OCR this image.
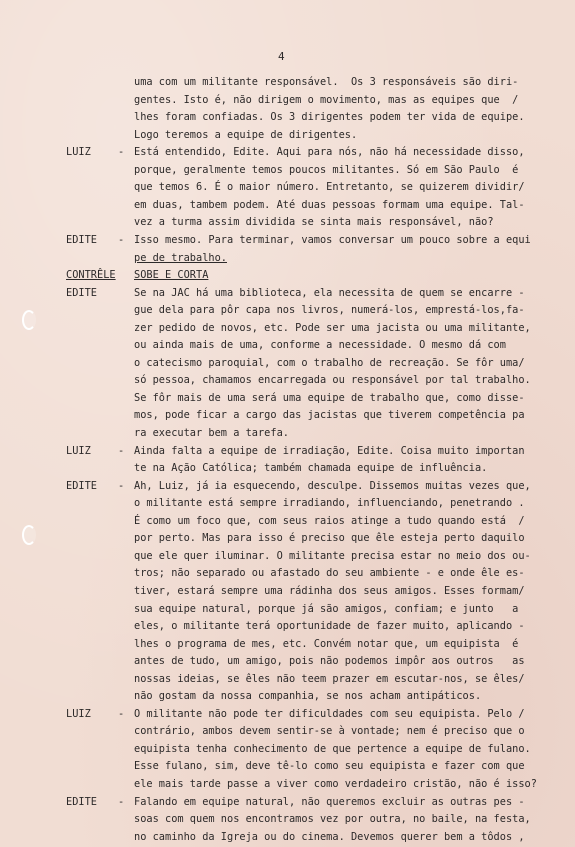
4
uma com um militante responsável.  Os 3 responsáveis são diri-
gentes. Isto é, não dirigem o movimento, mas as equipes que  /
lhes foram confiadas. Os 3 dirigentes podem ter vida de equipe.
Logo teremos a equipe de dirigentes.
LUIZ	- Está entendido, Edite. Aqui para nós, não há necessidade disso,
porque, geralmente temos poucos militantes. Só em São Paulo  é
que temos 6. É o maior número. Entretanto, se quizerem dividir/
em duas, tambem podem. Até duas pessoas formam uma equipe. Tal-
vez a turma assim dividida se sinta mais responsável, não?
EDITE - Isso mesmo. Para terminar, vamos conversar um pouco sobre a equi
pe de trabalho.
CONTRÊLE SOBE E CORTA
EDITE	Se na JAC há uma biblioteca, ela necessita de quem se encarre -
gue dela para pôr capa nos livros, numerá-los, emprestá-los,fa-
zer pedido de novos, etc. Pode ser uma jacista ou uma militante,
ou ainda mais de uma, conforme a necessidade. O mesmo dá com
o catecismo paroquial, com o trabalho de recreação. Se fôr uma/
só pessoa, chamamos encarregada ou responsável por tal trabalho.
Se fôr mais de uma será uma equipe de trabalho que, como disse-
mos, pode ficar a cargo das jacistas que tiverem competência pa
ra executar bem a tarefa.
LUIZ	- Ainda falta a equipe de irradiação, Edite. Coisa muito importan
te na Ação Católica; também chamada equipe de influência.
EDITE - Ah, Luiz, já ia esquecendo, desculpe. Dissemos muitas vezes que,
o militante está sempre irradiando, influenciando, penetrando .
É como um foco que, com seus raios atinge a tudo quando está  /
por perto. Mas para isso é preciso que êle esteja perto daquilo
que ele quer iluminar. O militante precisa estar no meio dos ou-
tros; não separado ou afastado do seu ambiente - e onde êle es-
tiver, estará sempre uma rádinha dos seus amigos. Esses formam/
sua equipe natural, porque já são amigos, confiam; e junto   a
eles, o militante terá oportunidade de fazer muito, aplicando -
lhes o programa de mes, etc. Convém notar que, um equipista  é
antes de tudo, um amigo, pois não podemos impôr aos outros   as
nossas ideias, se êles não teem prazer em escutar-nos, se êles/
não gostam da nossa companhia, se nos acham antipáticos.
LUIZ	- O militante não pode ter dificuldades com seu equipista. Pelo /
contrário, ambos devem sentir-se à vontade; nem é preciso que o
equipista tenha conhecimento de que pertence a equipe de fulano.
Esse fulano, sim, deve tê-lo como seu equipista e fazer com que
ele mais tarde passe a viver como verdadeiro cristão, não é isso?
EDITE - Falando em equipe natural, não queremos excluir as outras pes -
soas com quem nos encontramos vez por outra, no baile, na festa,
no caminho da Igreja ou do cinema. Devemos querer bem a tôdos ,
